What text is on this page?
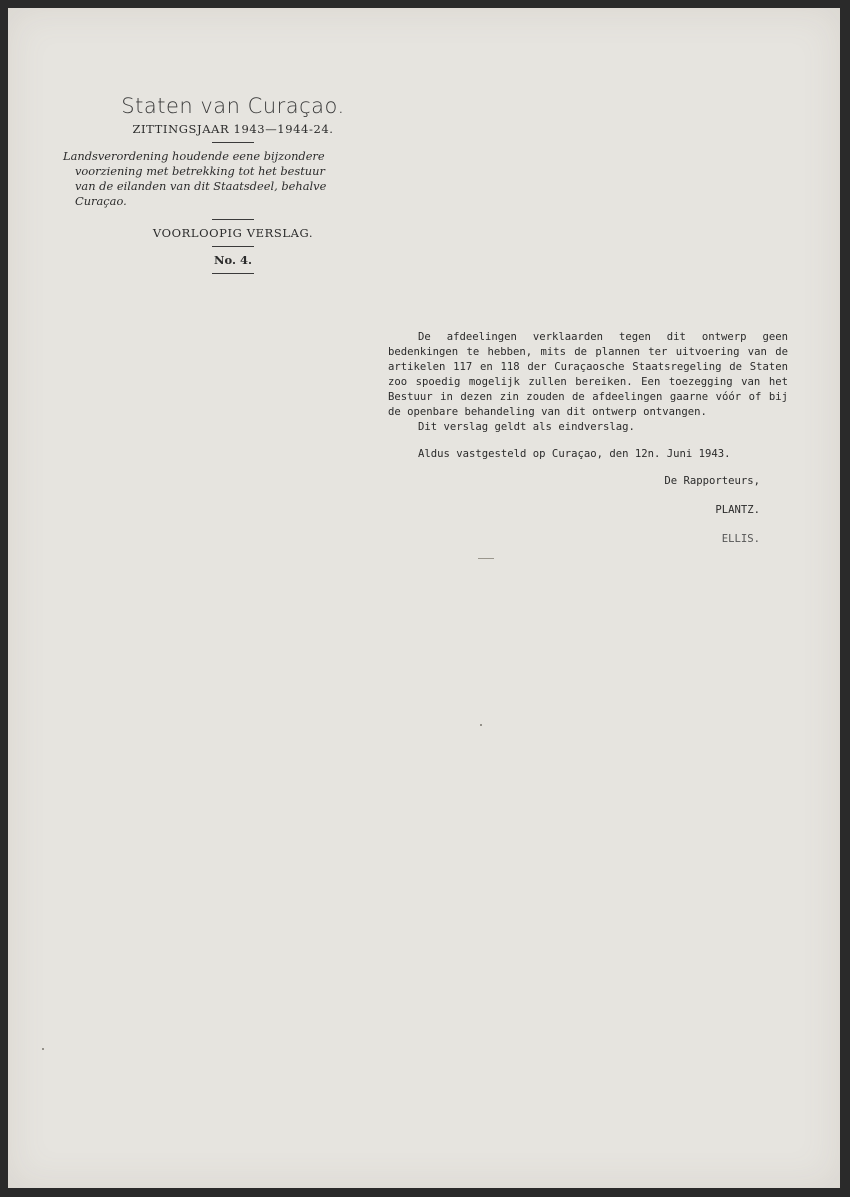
Staten van Curaçao.
ZITTINGSJAAR 1943—1944-24.
Landsverordening houdende eene bijzondere
voorziening met betrekking tot het bestuur
van de eilanden van dit Staatsdeel, behalve
Curaçao.
VOORLOOPIG VERSLAG.
No. 4.

De afdeelingen verklaarden tegen dit ontwerp geen bedenkingen te hebben, mits de plannen ter uitvoering van de artikelen 117 en 118 der Curaçaosche Staatsregeling de Staten zoo spoedig mogelijk zullen bereiken. Een toezegging van het Bestuur in dezen zin zouden de afdeelingen gaarne vóór of bij de openbare behandeling van dit ontwerp ontvangen.

Dit verslag geldt als eindverslag.

Aldus vastgesteld op Curaçao, den 12n. Juni 1943.
De Rapporteurs,
PLANTZ.
ELLIS.
